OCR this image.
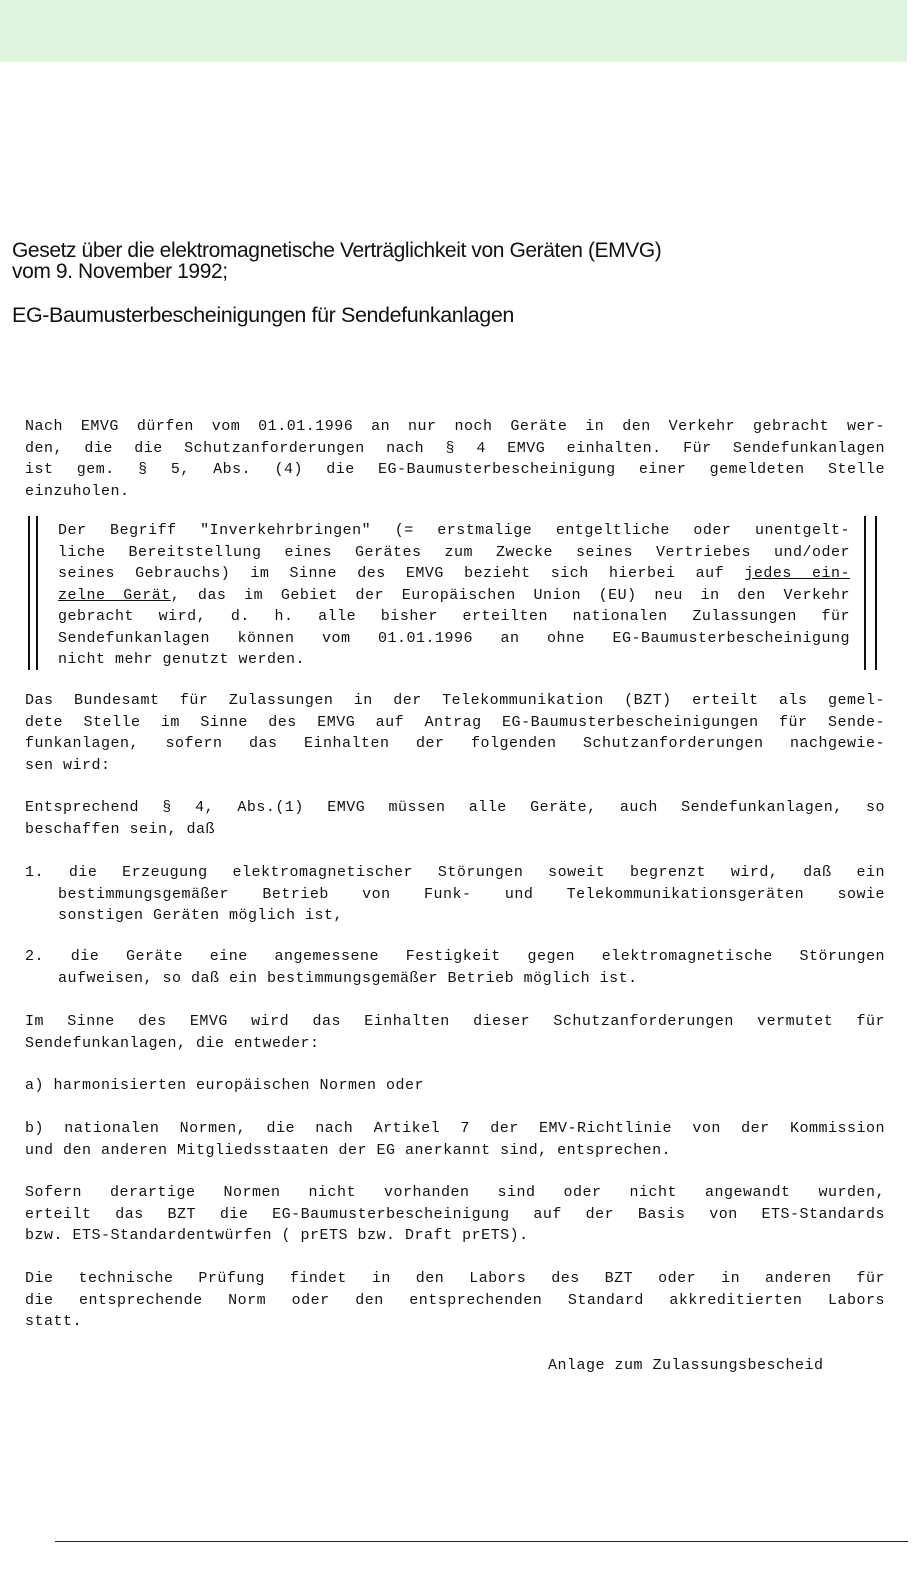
Gesetz über die elektromagnetische Verträglichkeit von Geräten (EMVG)
vom 9. November 1992;
EG-Baumusterbescheinigungen für Sendefunkanlagen
Nach EMVG dürfen vom 01.01.1996 an nur noch Geräte in den Verkehr gebracht wer-
den, die die Schutzanforderungen nach § 4 EMVG einhalten. Für Sendefunkanlagen
ist gem. § 5, Abs. (4) die EG-Baumusterbescheinigung einer gemeldeten Stelle
einzuholen.
Der Begriff "Inverkehrbringen" (= erstmalige entgeltliche oder unentgelt-
liche Bereitstellung eines Gerätes zum Zwecke seines Vertriebes und/oder
seines Gebrauchs) im Sinne des EMVG bezieht sich hierbei auf jedes ein-
zelne Gerät, das im Gebiet der Europäischen Union (EU) neu in den Verkehr
gebracht wird, d. h. alle bisher erteilten nationalen Zulassungen für
Sendefunkanlagen können vom 01.01.1996 an ohne EG-Baumusterbescheinigung
nicht mehr genutzt werden.
Das Bundesamt für Zulassungen in der Telekommunikation (BZT) erteilt als gemel-
dete Stelle im Sinne des EMVG auf Antrag EG-Baumusterbescheinigungen für Sende-
funkanlagen, sofern das Einhalten der folgenden Schutzanforderungen nachgewie-
sen wird:
Entsprechend § 4, Abs.(1) EMVG müssen alle Geräte, auch Sendefunkanlagen, so
beschaffen sein, daß
1. die Erzeugung elektromagnetischer Störungen soweit begrenzt wird, daß ein
bestimmungsgemäßer Betrieb von Funk- und Telekommunikationsgeräten sowie
sonstigen Geräten möglich ist,
2. die Geräte eine angemessene Festigkeit gegen elektromagnetische Störungen
aufweisen, so daß ein bestimmungsgemäßer Betrieb möglich ist.
Im Sinne des EMVG wird das Einhalten dieser Schutzanforderungen vermutet für
Sendefunkanlagen, die entweder:
a) harmonisierten europäischen Normen oder
b) nationalen Normen, die nach Artikel 7 der EMV-Richtlinie von der Kommission
und den anderen Mitgliedsstaaten der EG anerkannt sind, entsprechen.
Sofern derartige Normen nicht vorhanden sind oder nicht angewandt wurden,
erteilt das BZT die EG-Baumusterbescheinigung auf der Basis von ETS-Standards
bzw. ETS-Standardentwürfen ( prETS bzw. Draft prETS).
Die technische Prüfung findet in den Labors des BZT oder in anderen für
die entsprechende Norm oder den entsprechenden Standard akkreditierten Labors
statt.
Anlage zum Zulassungsbescheid
